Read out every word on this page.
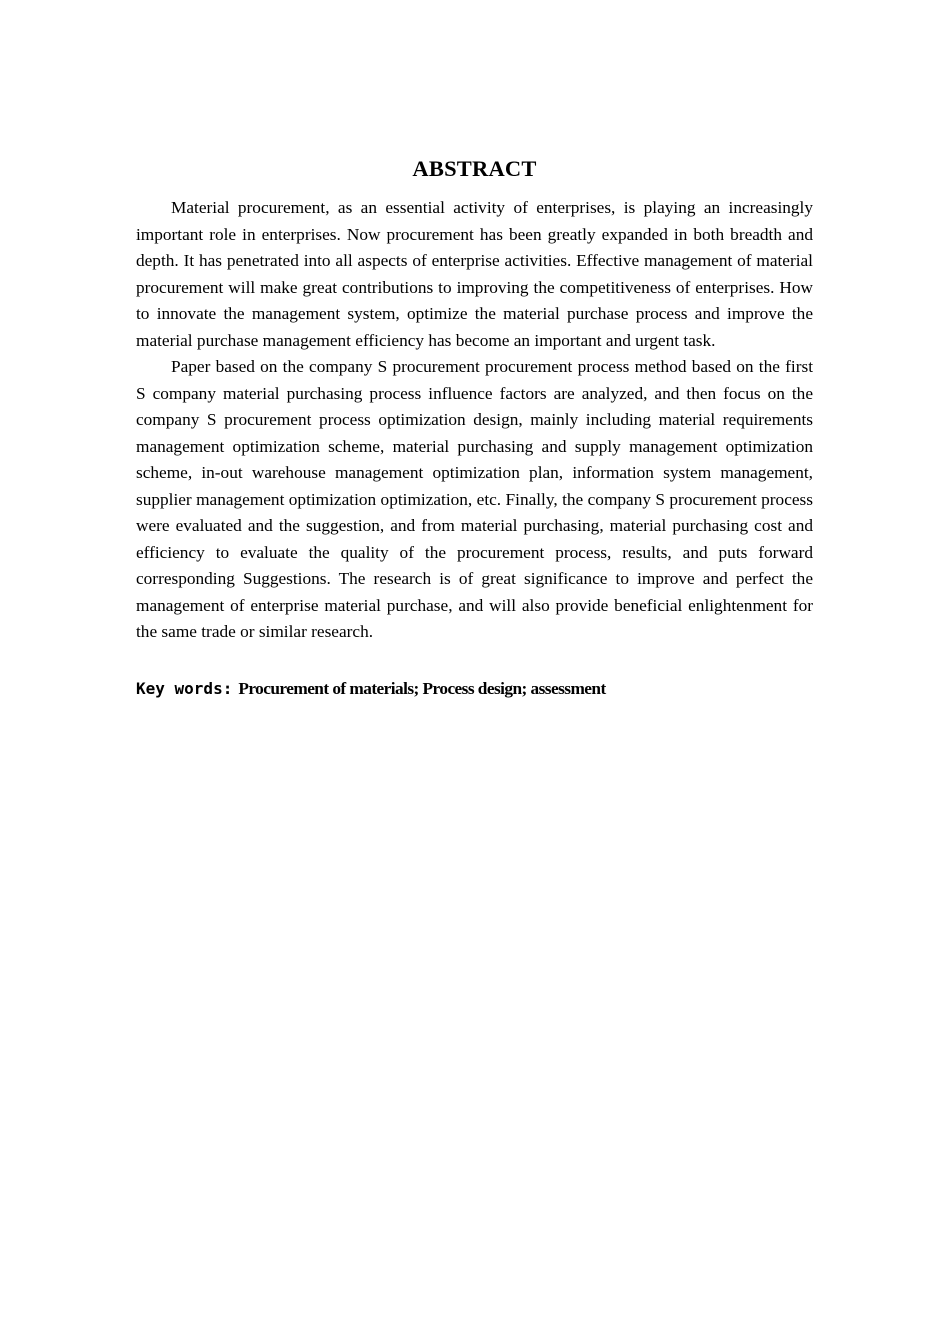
ABSTRACT

Material procurement, as an essential activity of enterprises, is playing an increasingly important role in enterprises. Now procurement has been greatly expanded in both breadth and depth. It has penetrated into all aspects of enterprise activities. Effective management of material procurement will make great contributions to improving the competitiveness of enterprises. How to innovate the management system, optimize the material purchase process and improve the material purchase management efficiency has become an important and urgent task.

Paper based on the company S procurement procurement process method based on the first S company material purchasing process influence factors are analyzed, and then focus on the company S procurement process optimization design, mainly including material requirements management optimization scheme, material purchasing and supply management optimization scheme, in-out warehouse management optimization plan, information system management, supplier management optimization optimization, etc. Finally, the company S procurement process were evaluated and the suggestion, and from material purchasing, material purchasing cost and efficiency to evaluate the quality of the procurement process, results, and puts forward corresponding Suggestions. The research is of great significance to improve and perfect the management of enterprise material purchase, and will also provide beneficial enlightenment for the same trade or similar research.

Key words: Procurement of materials; Process design; assessment
